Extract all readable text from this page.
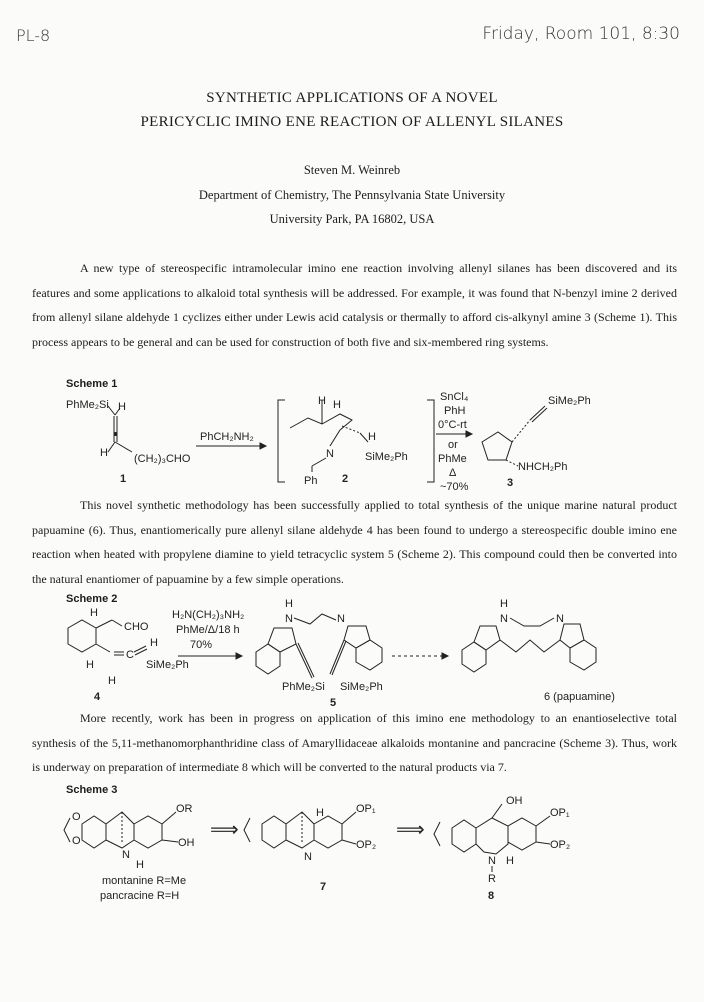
PL-8	Friday, Room 101, 8:30
SYNTHETIC APPLICATIONS OF A NOVEL
PERICYCLIC IMINO ENE REACTION OF ALLENYL SILANES
Steven M. Weinreb
Department of Chemistry, The Pennsylvania State University
University Park, PA 16802, USA
A new type of stereospecific intramolecular imino ene reaction involving allenyl silanes has been discovered and its features and some applications to alkaloid total synthesis will be addressed. For example, it was found that N-benzyl imine 2 derived from allenyl silane aldehyde 1 cyclizes either under Lewis acid catalysis or thermally to afford cis-alkynyl amine 3 (Scheme 1). This process appears to be general and can be used for construction of both five and six-membered ring systems.
Scheme 1
PhMe₂Si H
H (CH₂)₃CHO
1
PhCH₂NH₂
H H
H
SiMe₂Ph
N
Ph 2
SnCl₄
PhH
0°C-rt
or
PhMe
Δ
~70%
SiMe₂Ph
NHCH₂Ph
3
This novel synthetic methodology has been successfully applied to total synthesis of the unique marine natural product papuamine (6). Thus, enantiomerically pure allenyl silane aldehyde 4 has been found to undergo a stereospecific double imino ene reaction when heated with propylene diamine to yield tetracyclic system 5 (Scheme 2). This compound could then be converted into the natural enantiomer of papuamine by a few simple operations.
Scheme 2
H
CHO
H
H
C
H
SiMe₂Ph
4
H₂N(CH₂)₃NH₂
PhMe/Δ/18 h
70%
N	N
H
PhMe₂Si SiMe₂Ph
5
N
H
N
6 (papuamine)
More recently, work has been in progress on application of this imino ene methodology to an enantioselective total synthesis of the 5,11-methanomorphanthridine class of Amaryllidaceae alkaloids montanine and pancracine (Scheme 3). Thus, work is underway on preparation of intermediate 8 which will be converted to the natural products via 7.
Scheme 3
O
O
N
H
OR
OH
montanine R=Me
pancracine R=H
⟹
N
H	OP₁
OP₂
7
⟹
OH
N
R
H
OP₁
OP₂
8
